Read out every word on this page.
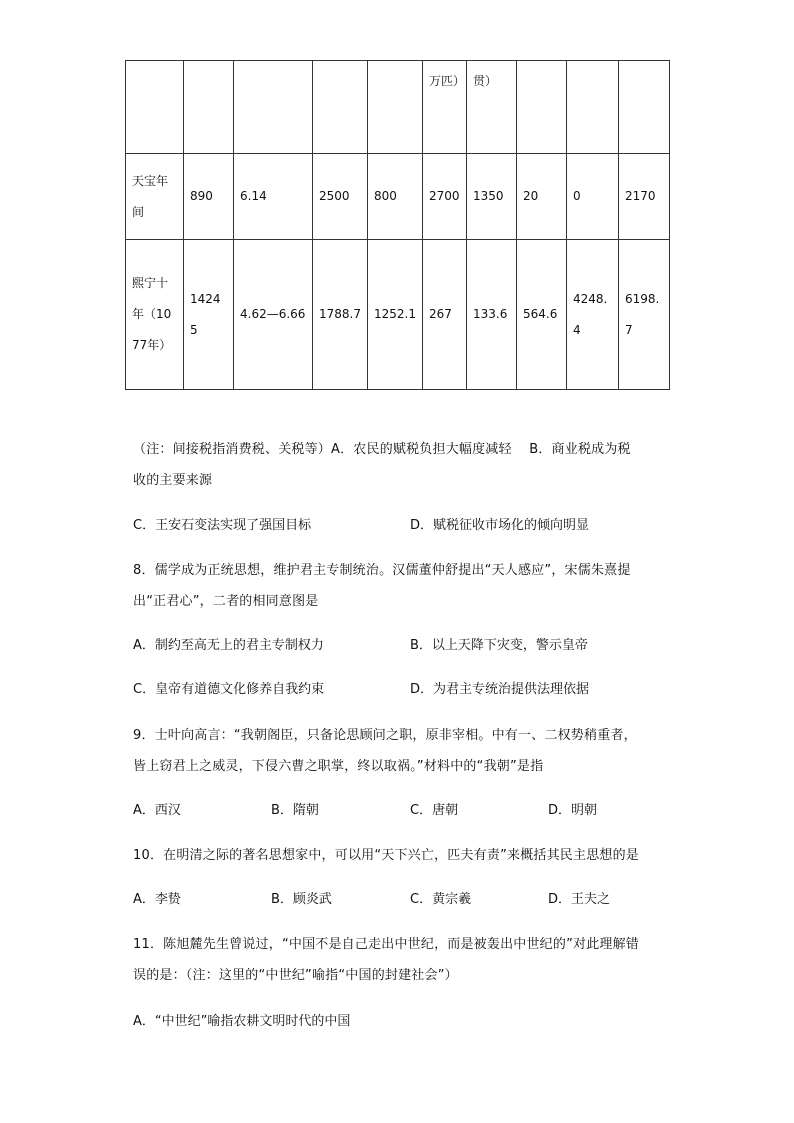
					万匹）	贯）			
天宝年间	890	6.14	2500	800	2700	1350	20	0	2170
熙宁十年（1077年）	14245	4.62—6.66	1788.7	1252.1	267	133.6	564.6	4248.4	6198.7
（注：间接税指消费税、关税等）A．农民的赋税负担大幅度减轻　 B．商业税成为税
收的主要来源
C．王安石变法实现了强国目标	D．赋税征收市场化的倾向明显
8．儒学成为正统思想，维护君主专制统治。汉儒董仲舒提出“天人感应”，宋儒朱熹提
出“正君心”，二者的相同意图是
A．制约至高无上的君主专制权力	B．以上天降下灾变，警示皇帝
C．皇帝有道德文化修养自我约束	D．为君主专统治提供法理依据
9．士叶向高言：“我朝阁臣，只备论思顾问之职，原非宰相。中有一、二权势稍重者，
皆上窃君上之威灵，下侵六曹之职掌，终以取祸。”材料中的“我朝”是指
A．西汉	B．隋朝	C．唐朝	D．明朝
10．在明清之际的著名思想家中，可以用“天下兴亡，匹夫有责”来概括其民主思想的是
A．李贽	B．顾炎武	C．黄宗羲	D．王夫之
11．陈旭麓先生曾说过，“中国不是自己走出中世纪，而是被轰出中世纪的”对此理解错
误的是：（注：这里的“中世纪”喻指“中国的封建社会”）
A．“中世纪”喻指农耕文明时代的中国
